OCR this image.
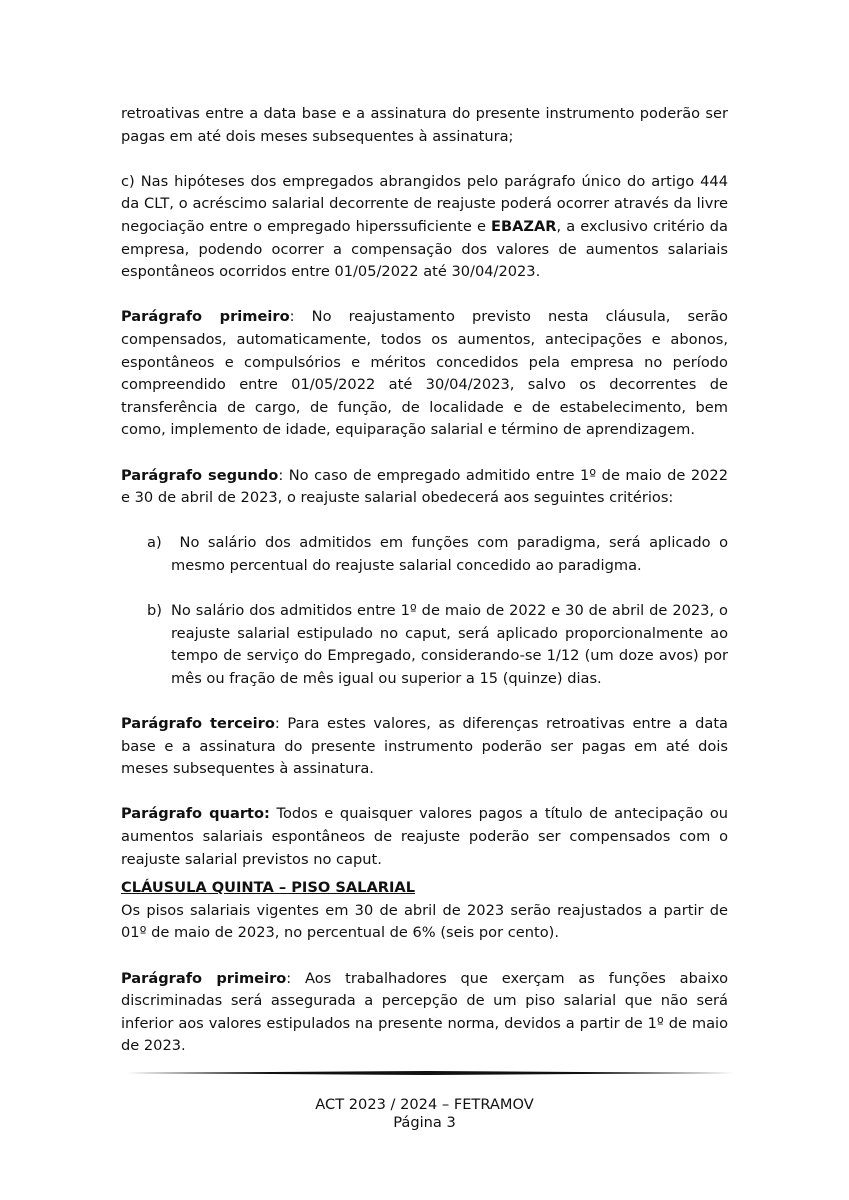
retroativas entre a data base e a assinatura do presente instrumento poderão ser pagas em até dois meses subsequentes à assinatura;

c) Nas hipóteses dos empregados abrangidos pelo parágrafo único do artigo 444 da CLT, o acréscimo salarial decorrente de reajuste poderá ocorrer através da livre negociação entre o empregado hiperssuficiente e EBAZAR, a exclusivo critério da empresa, podendo ocorrer a compensação dos valores de aumentos salariais espontâneos ocorridos entre 01/05/2022 até 30/04/2023.

Parágrafo primeiro: No reajustamento previsto nesta cláusula, serão compensados, automaticamente, todos os aumentos, antecipações e abonos, espontâneos e compulsórios e méritos concedidos pela empresa no período compreendido entre 01/05/2022 até 30/04/2023, salvo os decorrentes de transferência de cargo, de função, de localidade e de estabelecimento, bem como, implemento de idade, equiparação salarial e término de aprendizagem.

Parágrafo segundo: No caso de empregado admitido entre 1º de maio de 2022 e 30 de abril de 2023, o reajuste salarial obedecerá aos seguintes critérios:

a) No salário dos admitidos em funções com paradigma, será aplicado o mesmo percentual do reajuste salarial concedido ao paradigma.
b) No salário dos admitidos entre 1º de maio de 2022 e 30 de abril de 2023, o reajuste salarial estipulado no caput, será aplicado proporcionalmente ao tempo de serviço do Empregado, considerando-se 1/12 (um doze avos) por mês ou fração de mês igual ou superior a 15 (quinze) dias.

Parágrafo terceiro: Para estes valores, as diferenças retroativas entre a data base e a assinatura do presente instrumento poderão ser pagas em até dois meses subsequentes à assinatura.

Parágrafo quarto: Todos e quaisquer valores pagos a título de antecipação ou aumentos salariais espontâneos de reajuste poderão ser compensados com o reajuste salarial previstos no caput.

CLÁUSULA QUINTA – PISO SALARIAL

Os pisos salariais vigentes em 30 de abril de 2023 serão reajustados a partir de 01º de maio de 2023, no percentual de 6% (seis por cento).

Parágrafo primeiro: Aos trabalhadores que exerçam as funções abaixo discriminadas será assegurada a percepção de um piso salarial que não será inferior aos valores estipulados na presente norma, devidos a partir de 1º de maio de 2023.

ACT 2023 / 2024 – FETRAMOV
Página 3
